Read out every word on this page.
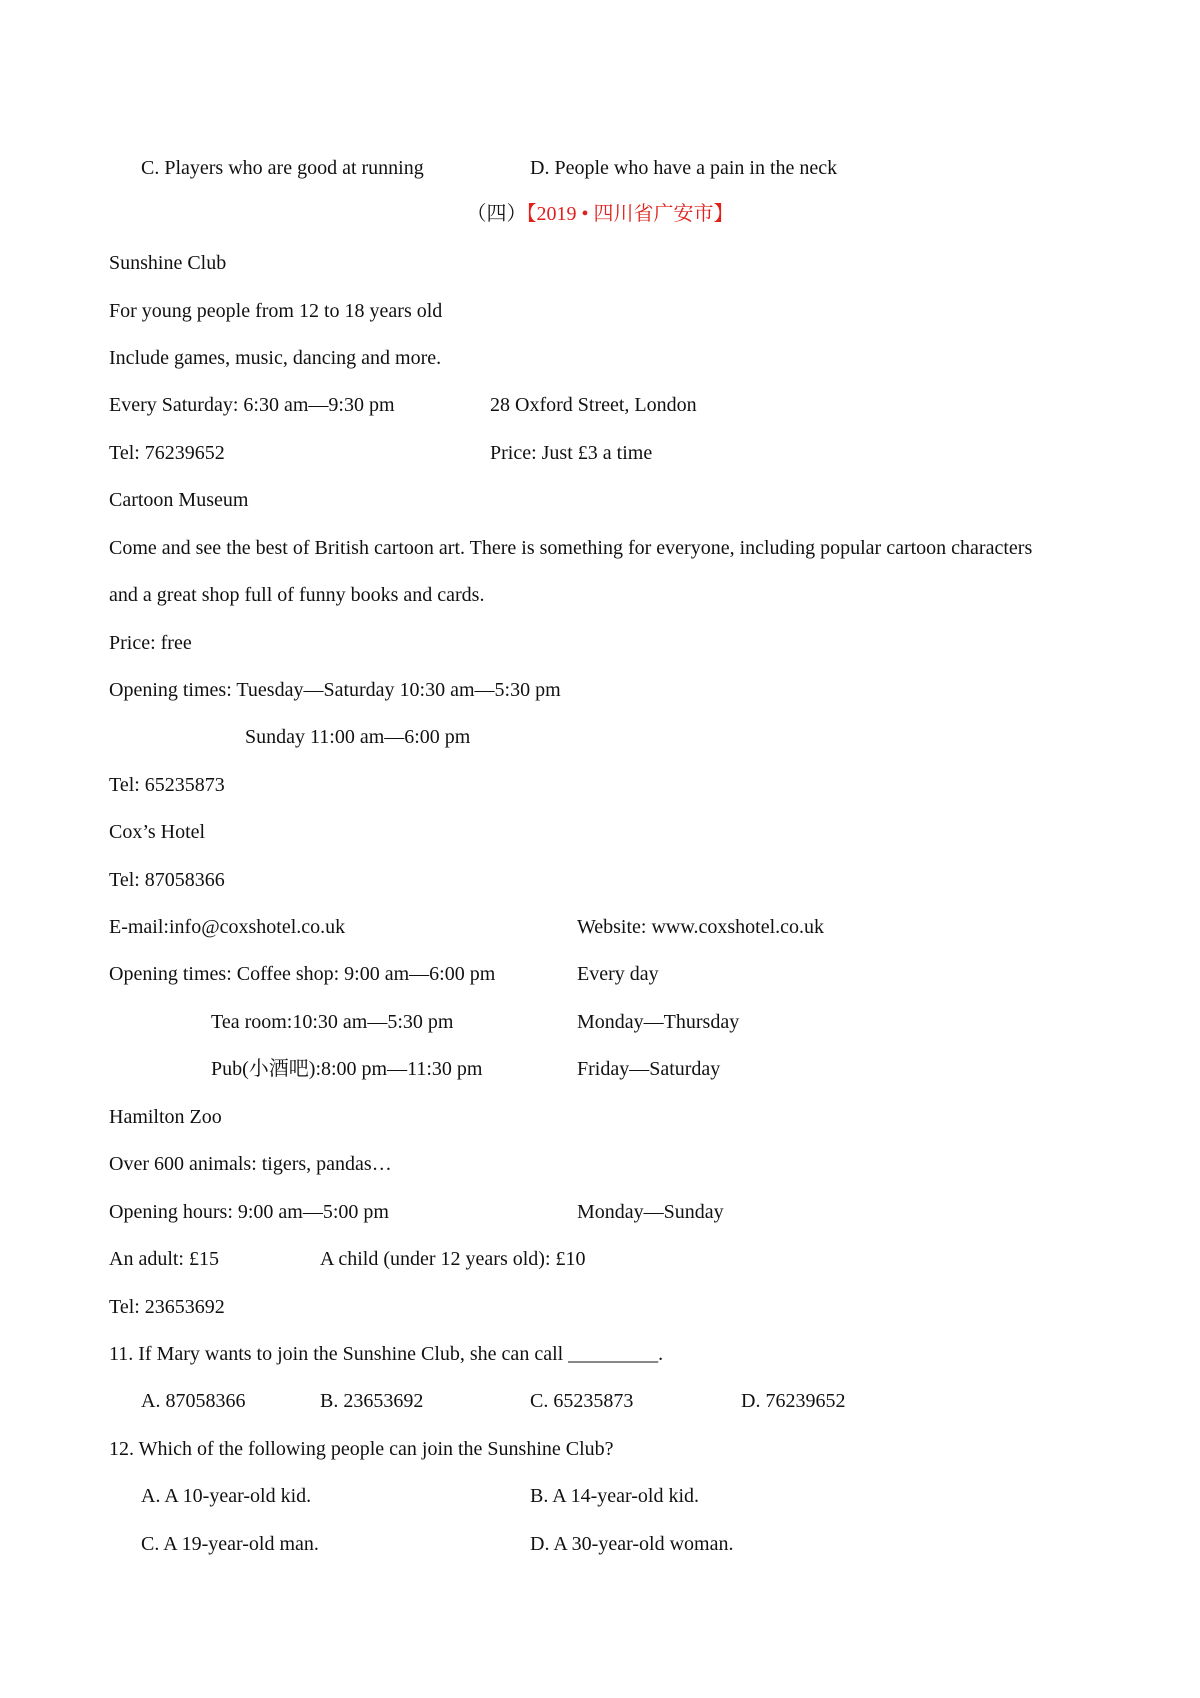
C. Players who are good at running	D. People who have a pain in the neck
（四）【2019 • 四川省广安市】
Sunshine Club
For young people from 12 to 18 years old
Include games, music, dancing and more.
Every Saturday: 6:30 am—9:30 pm	28 Oxford Street, London
Tel: 76239652	Price: Just £3 a time
Cartoon Museum
Come and see the best of British cartoon art. There is something for everyone, including popular cartoon characters
and a great shop full of funny books and cards.
Price: free
Opening times: Tuesday—Saturday 10:30 am—5:30 pm
Sunday 11:00 am—6:00 pm
Tel: 65235873
Cox’s Hotel
Tel: 87058366
E-mail:info@coxshotel.co.uk	Website: www.coxshotel.co.uk
Opening times: Coffee shop: 9:00 am—6:00 pm	Every day
Tea room:10:30 am—5:30 pm	Monday—Thursday
Pub(小酒吧):8:00 pm—11:30 pm	Friday—Saturday
Hamilton Zoo
Over 600 animals: tigers, pandas…
Opening hours: 9:00 am—5:00 pm	Monday—Sunday
An adult: £15	A child (under 12 years old): £10
Tel: 23653692
11. If Mary wants to join the Sunshine Club, she can call _________.
A. 87058366	B. 23653692	C. 65235873	D. 76239652
12. Which of the following people can join the Sunshine Club?
A. A 10-year-old kid.	B. A 14-year-old kid.
C. A 19-year-old man.	D. A 30-year-old woman.
